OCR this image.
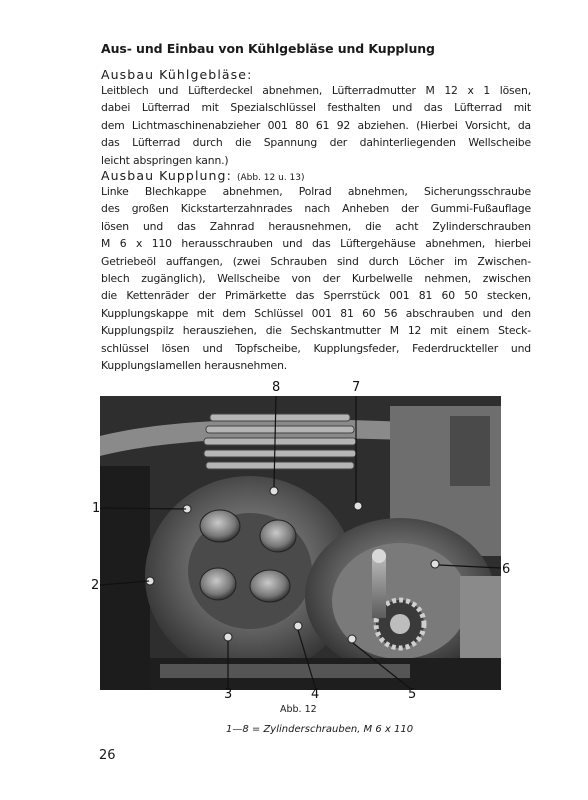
Aus- und Einbau von Kühlgebläse und Kupplung
Ausbau Kühlgebläse:
Leitblech und Lüfterdeckel abnehmen, Lüfterradmutter M 12 x 1 lösen,
dabei Lüfterrad mit Spezialschlüssel festhalten und das Lüfterrad mit
dem Lichtmaschinenabzieher 001 80 61 92 abziehen. (Hierbei Vorsicht, da
das Lüfterrad durch die Spannung der dahinterliegenden Wellscheibe
leicht abspringen kann.)
Ausbau Kupplung: (Abb. 12 u. 13)
Linke Blechkappe abnehmen, Polrad abnehmen, Sicherungsschraube
des großen Kickstarterzahnrades nach Anheben der Gummi-Fußauflage
lösen und das Zahnrad herausnehmen, die acht Zylinderschrauben
M 6 x 110 herausschrauben und das Lüftergehäuse abnehmen, hierbei
Getriebeöl auffangen, (zwei Schrauben sind durch Löcher im Zwischen-
blech zugänglich), Wellscheibe von der Kurbelwelle nehmen, zwischen
die Kettenräder der Primärkette das Sperrstück 001 81 60 50 stecken,
Kupplungskappe mit dem Schlüssel 001 81 60 56 abschrauben und den
Kupplungspilz herausziehen, die Sechskantmutter M 12 mit einem Steck-
schlüssel lösen und Topfscheibe, Kupplungsfeder, Federdruckteller und
Kupplungslamellen herausnehmen.
8	7
1
2
6
3	4	5
Abb. 12
1—8 = Zylinderschrauben, M 6 x 110
26
